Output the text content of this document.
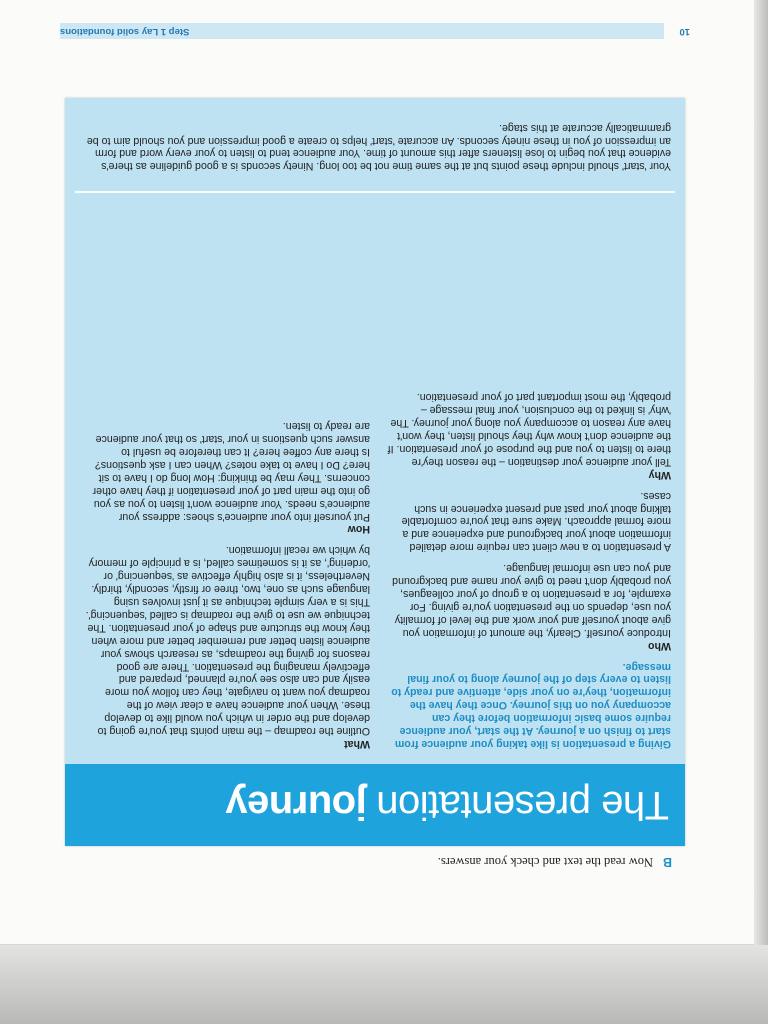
BNow read the text and check your answers.
The presentation
journey

Giving a presentation is like taking your audience from start to finish on a journey. At the start, your audience require some basic information before they can accompany you on this journey. Once they have the information, they're on your side, attentive and ready to listen to every step of the journey along to your final message.

Who

Introduce yourself. Clearly, the amount of information you give about yourself and your work and the level of formality you use, depends on the presentation you're giving. For example, for a presentation to a group of your colleagues, you probably don't need to give your name and background and you can use informal language.

A presentation to a new client can require more detailed information about your background and experience and a more formal approach. Make sure that you're comfortable talking about your past and present experience in such cases.

Why

Tell your audience your destination – the reason they're there to listen to you and the purpose of your presentation. If the audience don't know why they should listen, they won't have any reason to accompany you along your journey. The 'why' is linked to the conclusion, your final message – probably, the most important part of your presentation.

What

Outline the roadmap – the main points that you're going to develop and the order in which you would like to develop these. When your audience have a clear view of the roadmap you want to navigate, they can follow you more easily and can also see you're planned, prepared and effectively managing the presentation. There are good reasons for giving the roadmaps, as research shows your audience listen better and remember better and more when they know the structure and shape of your presentation. The technique we use to give the roadmap is called 'sequencing'. This is a very simple technique as it just involves using language such as one, two, three or firstly, secondly, thirdly. Nevertheless, it is also highly effective as 'sequencing' or 'ordering', as it is sometimes called, is a principle of memory by which we recall information.

How

Put yourself into your audience's shoes: address your audience's needs. Your audience won't listen to you as you go into the main part of your presentation if they have other concerns. They may be thinking: How long do I have to sit here? Do I have to take notes? When can I ask questions? Is there any coffee here? It can therefore be useful to answer such questions in your 'start' so that your audience are ready to listen.

Your 'start' should include these points but at the same time not be too long. Ninety seconds is a good guideline as there's evidence that you begin to lose listeners after this amount of time. Your audience tend to listen to your every word and form an impression of you in these ninety seconds. An accurate 'start' helps to create a good impression and you should aim to be grammatically accurate at this stage.

10
Step 1 Lay solid foundations
